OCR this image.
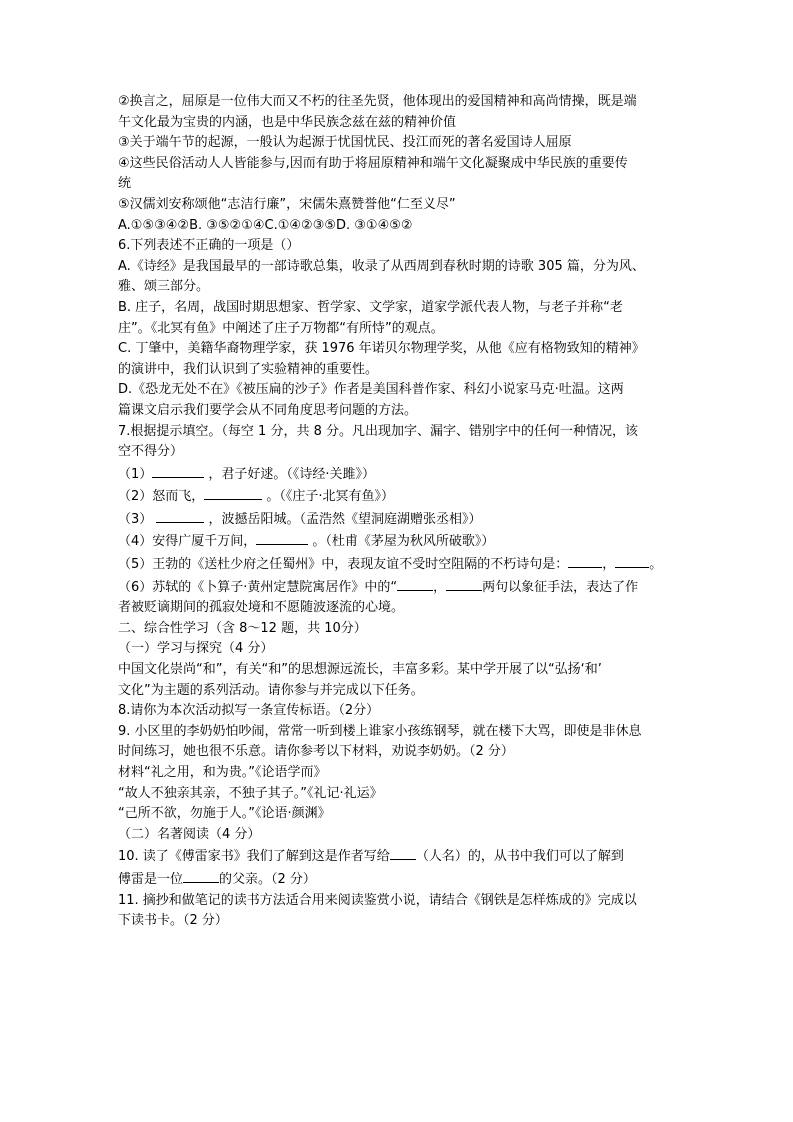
②换言之，屈原是一位伟大而又不朽的往圣先贤，他体现出的爱国精神和高尚情操，既是端
午文化最为宝贵的内涵，也是中华民族念兹在兹的精神价值
③关于端午节的起源，一般认为起源于忧国忧民、投江而死的著名爱国诗人屈原
④这些民俗活动人人皆能参与,因而有助于将屈原精神和端午文化凝聚成中华民族的重要传
统
⑤汉儒刘安称颂他“志洁行廉”，宋儒朱熹赞誉他“仁至义尽”
A.①⑤③④②B. ③⑤②①④C.①④②③⑤D. ③①④⑤②
6.下列表述不正确的一项是（）
A.《诗经》是我国最早的一部诗歌总集，收录了从西周到春秋时期的诗歌 305 篇，分为风、
雅、颂三部分。
B. 庄子，名周，战国时期思想家、哲学家、文学家，道家学派代表人物，与老子并称“老
庄”。《北冥有鱼》中阐述了庄子万物都“有所恃”的观点。
C. 丁肇中，美籍华裔物理学家，获 1976 年诺贝尔物理学奖，从他《应有格物致知的精神》
的演讲中，我们认识到了实验精神的重要性。
D.《恐龙无处不在》《被压扁的沙子》作者是美国科普作家、科幻小说家马克·吐温。这两
篇课文启示我们要学会从不同角度思考问题的方法。
7.根据提示填空。（每空 1 分，共 8 分。凡出现加字、漏字、错别字中的任何一种情况，该
空不得分）
（1）	，君子好逑。（《诗经·关雎》）
（2）怒而飞，	。（《庄子·北冥有鱼》）
（3）	，波撼岳阳城。（孟浩然《望洞庭湖赠张丞相》）
（4）安得广厦千万间，	。（杜甫《茅屋为秋风所破歌》）
（5）王勃的《送杜少府之任蜀州》中，表现友谊不受时空阻隔的不朽诗句是：	，	。
（6）苏轼的《卜算子·黄州定慧院寓居作》中的“	，	两句以象征手法，表达了作
者被贬谪期间的孤寂处境和不愿随波逐流的心境。
二、综合性学习（含 8～12 题，共 10分）
（一）学习与探究（4 分）
中国文化崇尚“和”，有关“和”的思想源远流长，丰富多彩。某中学开展了以“弘扬‘和’
文化”为主题的系列活动。请你参与并完成以下任务。
8.请你为本次活动拟写一条宣传标语。（2分）
9. 小区里的李奶奶怕吵闹，常常一听到楼上谁家小孩练钢琴，就在楼下大骂，即使是非休息
时间练习，她也很不乐意。请你参考以下材料，劝说李奶奶。（2 分）
材料“礼之用，和为贵。”《论语学而》
“故人不独亲其亲，不独子其子。”《礼记·礼运》
“己所不欲，勿施于人。”《论语·颜渊》
（二）名著阅读（4 分）
10. 读了《傅雷家书》我们了解到这是作者写给 （人名）的，从书中我们可以了解到
傅雷是一位	的父亲。（2 分）
11. 摘抄和做笔记的读书方法适合用来阅读鉴赏小说，请结合《钢铁是怎样炼成的》完成以
下读书卡。（2 分）
